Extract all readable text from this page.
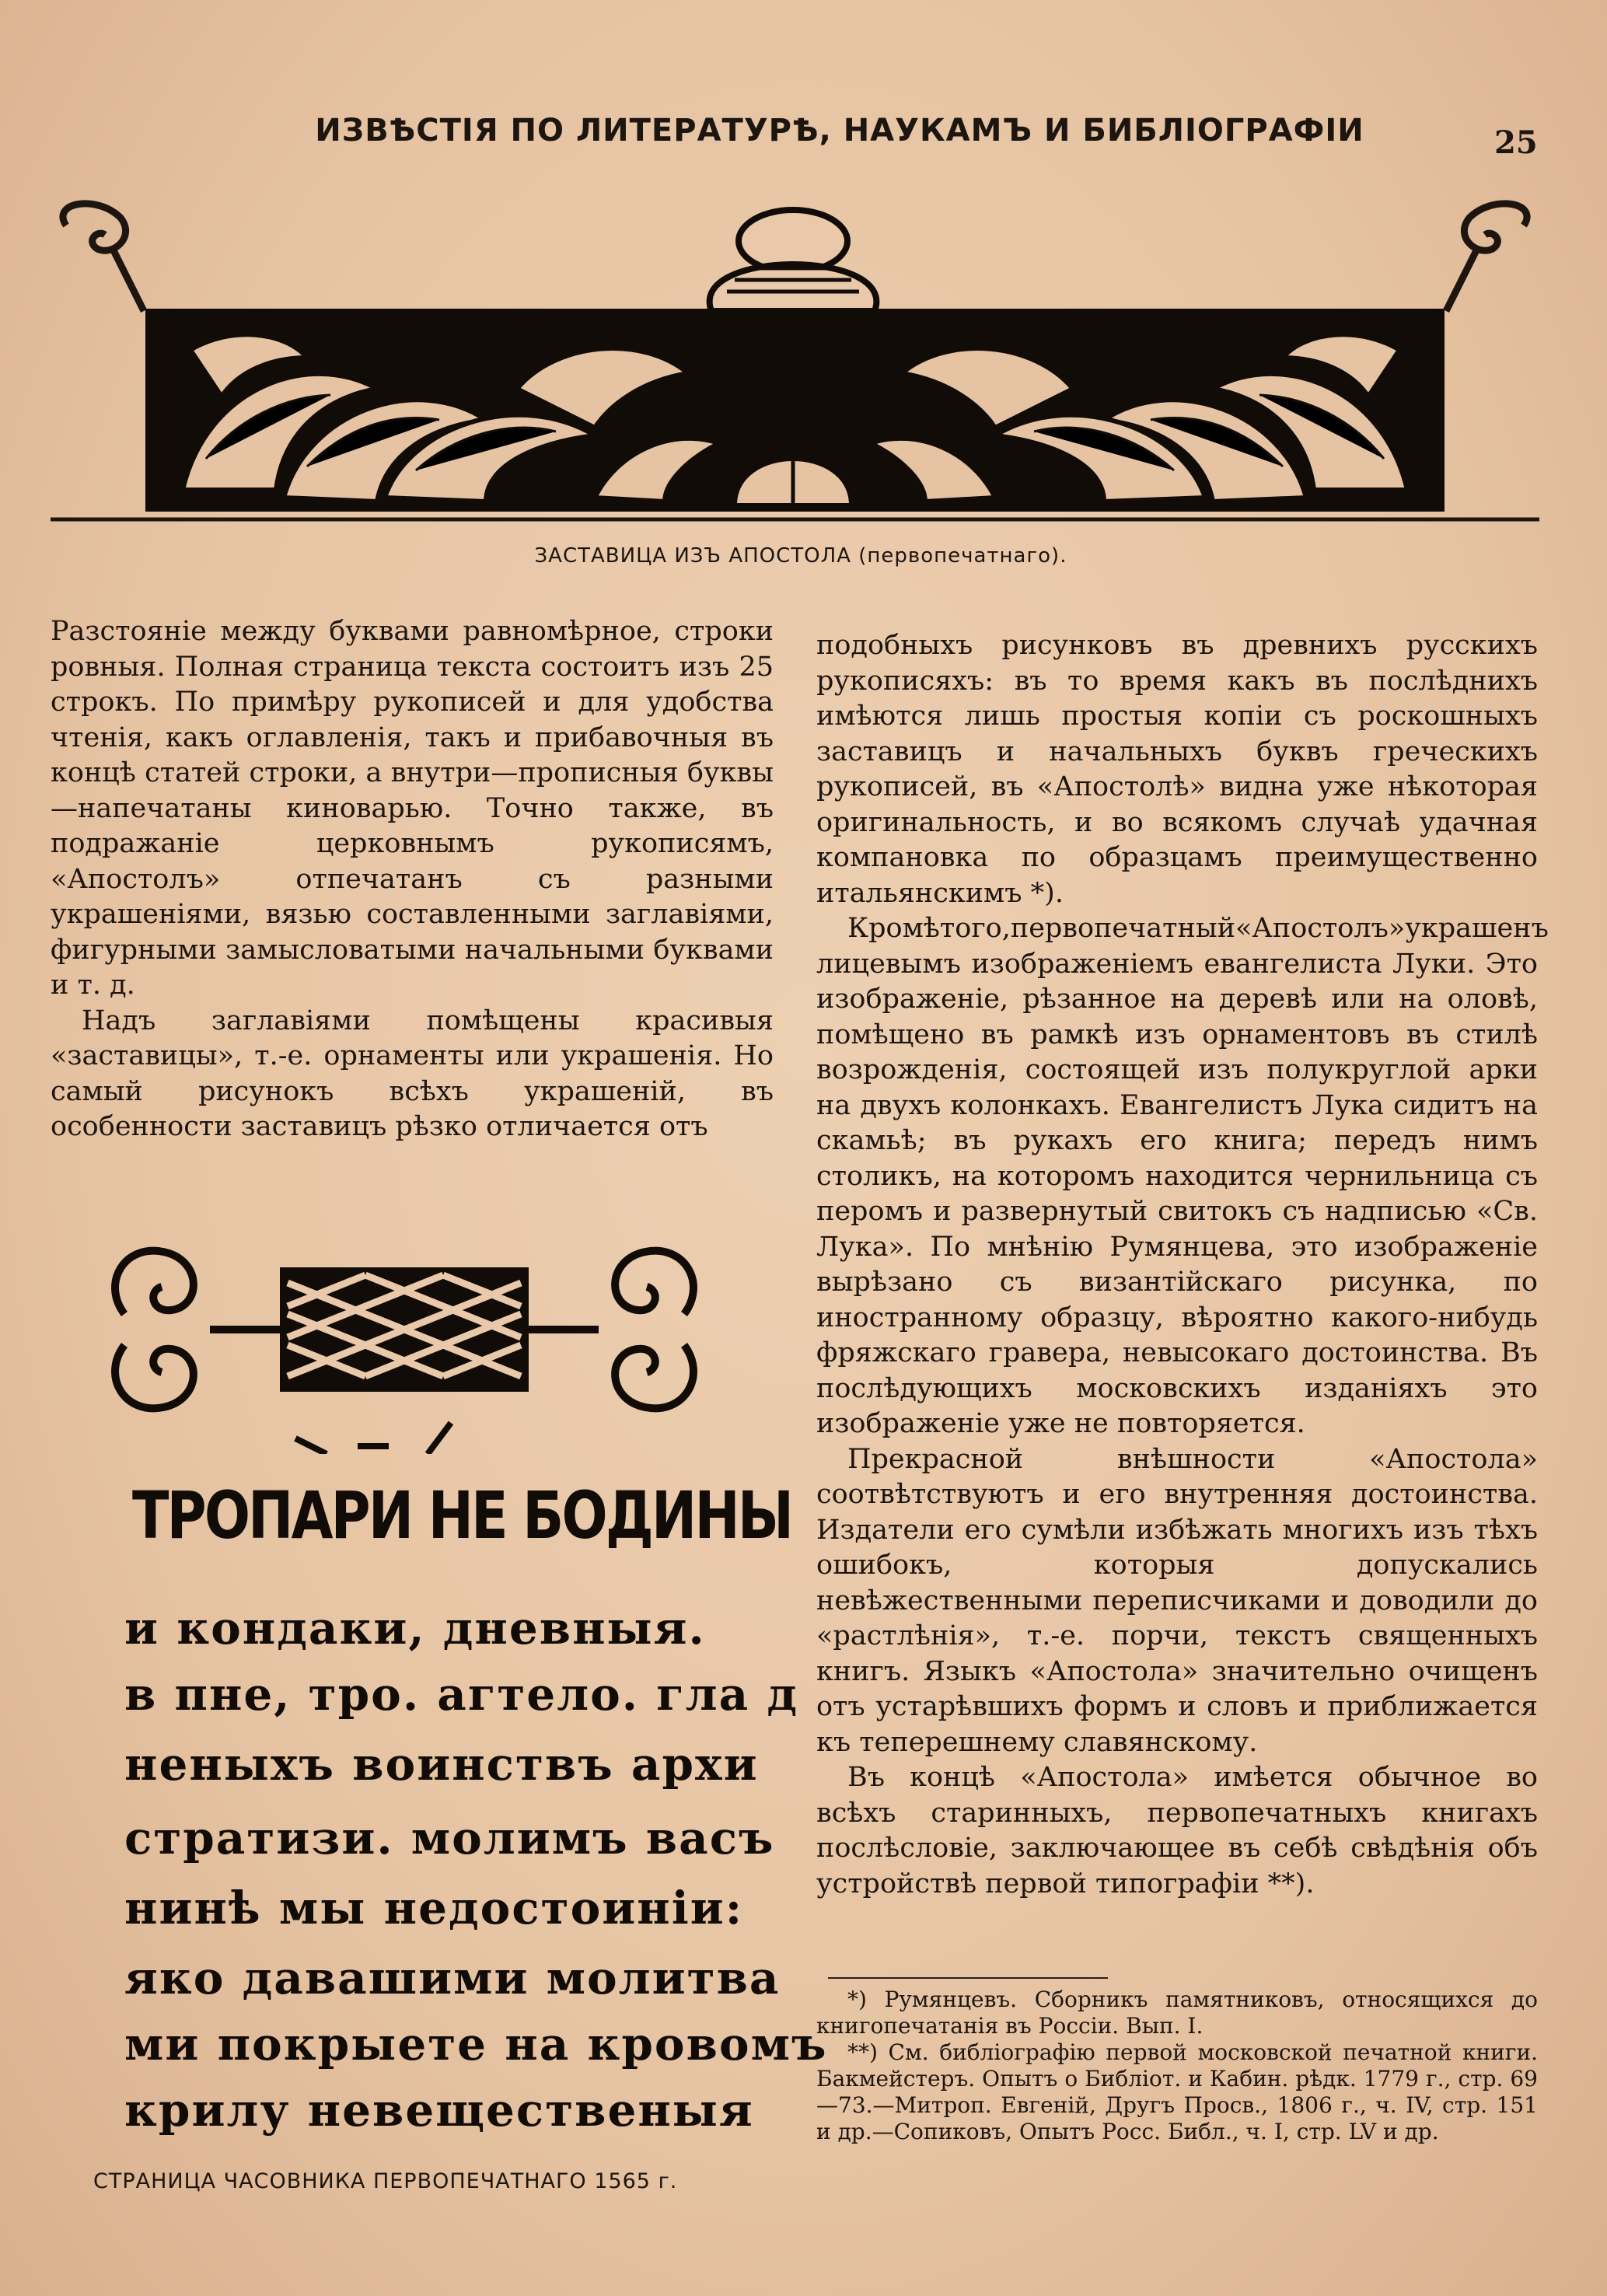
ИЗВѢСТІЯ ПО ЛИТЕРАТУРѢ, НАУКАМЪ И БИБЛІОГРАФІИ	25
ЗАСТАВИЦА ИЗЪ АПОСТОЛА (первопечатнаго).

Разстояніе между буквами равномѣрное, строки ровныя. Полная страница текста состоитъ изъ 25 строкъ. По примѣру рукописей и для удобства чтенія, какъ оглавленія, такъ и прибавочныя въ концѣ статей строки, а внутри—прописныя буквы—напечатаны киноварью. Точно также, въ подражаніе церковнымъ рукописямъ, «Апостолъ» отпечатанъ съ разными украшеніями, вязью составленными заглавіями, фигурными замысловатыми начальными буквами и т. д.

Надъ заглавіями помѣщены красивыя «заставицы», т.-е. орнаменты или украшенія. Но самый рисунокъ всѣхъ украшеній, въ особенности заставицъ рѣзко отличается отъ

ТРОПАРИ НЕ БОДИНЫ
и кондаки, дневныя.
в пне, тро. агтело. гла д
неныхъ воинствъ архи
стратизи. молимъ васъ
нинѣ мы недостоиніи:
яко давашими молитва
ми покрыете на кровомъ
крилу невещественыя
СТРАНИЦА ЧАСОВНИКА ПЕРВОПЕЧАТНАГО 1565 г.

подобныхъ рисунковъ въ древнихъ русскихъ рукописяхъ: въ то время какъ въ послѣднихъ имѣются лишь простыя копіи съ роскошныхъ заставицъ и начальныхъ буквъ греческихъ рукописей, въ «Апостолѣ» видна уже нѣкоторая оригинальность, и во всякомъ случаѣ удачная компановка по образцамъ преимущественно итальянскимъ *).

Кромѣтого,первопечатный«Апостолъ»украшенъ лицевымъ изображеніемъ евангелиста Луки. Это изображеніе, рѣзанное на деревѣ или на оловѣ, помѣщено въ рамкѣ изъ орнаментовъ въ стилѣ возрожденія, состоящей изъ полукруглой арки на двухъ колонкахъ. Евангелистъ Лука сидитъ на скамьѣ; въ рукахъ его книга; передъ нимъ столикъ, на которомъ находится чернильница съ перомъ и развернутый свитокъ съ надписью «Св. Лука». По мнѣнію Румянцева, это изображеніе вырѣзано съ византійскаго рисунка, по иностранному образцу, вѣроятно какого-нибудь фряжскаго гравера, невысокаго достоинства. Въ послѣдующихъ московскихъ изданіяхъ это изображеніе уже не повторяется.

Прекрасной внѣшности «Апостола» соотвѣтствуютъ и его внутренняя достоинства. Издатели его сумѣли избѣжать многихъ изъ тѣхъ ошибокъ, которыя допускались невѣжественными переписчиками и доводили до «растлѣнія», т.-е. порчи, текстъ священныхъ книгъ. Языкъ «Апостола» значительно очищенъ отъ устарѣвшихъ формъ и словъ и приближается къ теперешнему славянскому.

Въ концѣ «Апостола» имѣется обычное во всѣхъ старинныхъ, первопечатныхъ книгахъ послѣсловіе, заключающее въ себѣ свѣдѣнія объ устройствѣ первой типографіи **).

*) Румянцевъ. Сборникъ памятниковъ, относящихся до книгопечатанія въ Россіи. Вып. I.

**) См. библіографію первой московской печатной книги. Бакмейстеръ. Опытъ о Библіот. и Кабин. рѣдк. 1779 г., стр. 69—73.—Митроп. Евгеній, Другъ Просв., 1806 г., ч. IV, стр. 151 и др.—Сопиковъ, Опытъ Росс. Библ., ч. I, стр. LV и др.
